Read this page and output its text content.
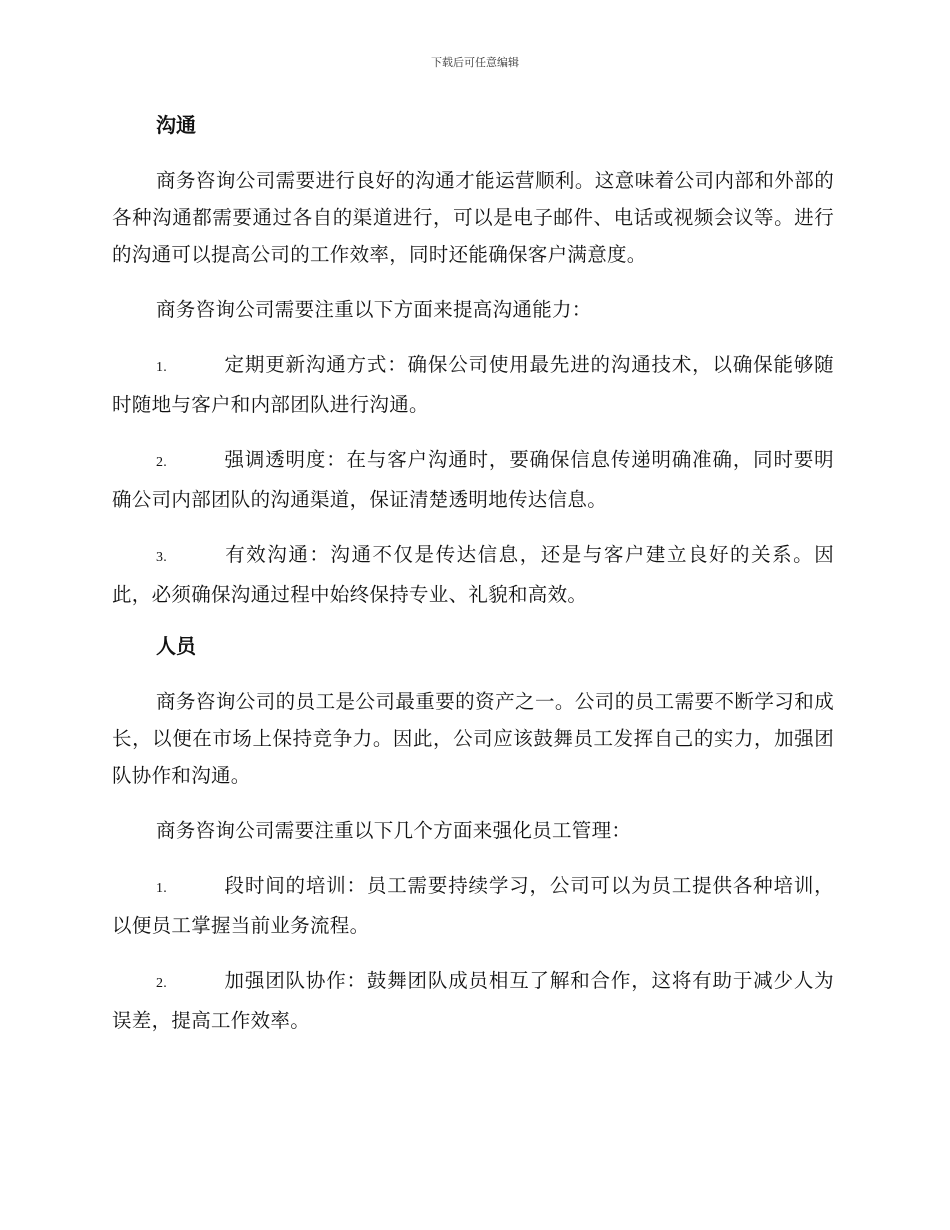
下载后可任意编辑
沟通

商务咨询公司需要进行良好的沟通才能运营顺利。这意味着公司内部和外部的各种沟通都需要通过各自的渠道进行，可以是电子邮件、电话或视频会议等。进行的沟通可以提高公司的工作效率，同时还能确保客户满意度。

商务咨询公司需要注重以下方面来提高沟通能力：

1.	定期更新沟通方式：确保公司使用最先进的沟通技术，以确保能够随时随地与客户和内部团队进行沟通。

2.	强调透明度：在与客户沟通时，要确保信息传递明确准确，同时要明确公司内部团队的沟通渠道，保证清楚透明地传达信息。

3.	有效沟通：沟通不仅是传达信息，还是与客户建立良好的关系。因此，必须确保沟通过程中始终保持专业、礼貌和高效。

人员

商务咨询公司的员工是公司最重要的资产之一。公司的员工需要不断学习和成长，以便在市场上保持竞争力。因此，公司应该鼓舞员工发挥自己的实力，加强团队协作和沟通。

商务咨询公司需要注重以下几个方面来强化员工管理：

1.	段时间的培训：员工需要持续学习，公司可以为员工提供各种培训，以便员工掌握当前业务流程。

2.	加强团队协作：鼓舞团队成员相互了解和合作，这将有助于减少人为误差，提高工作效率。
